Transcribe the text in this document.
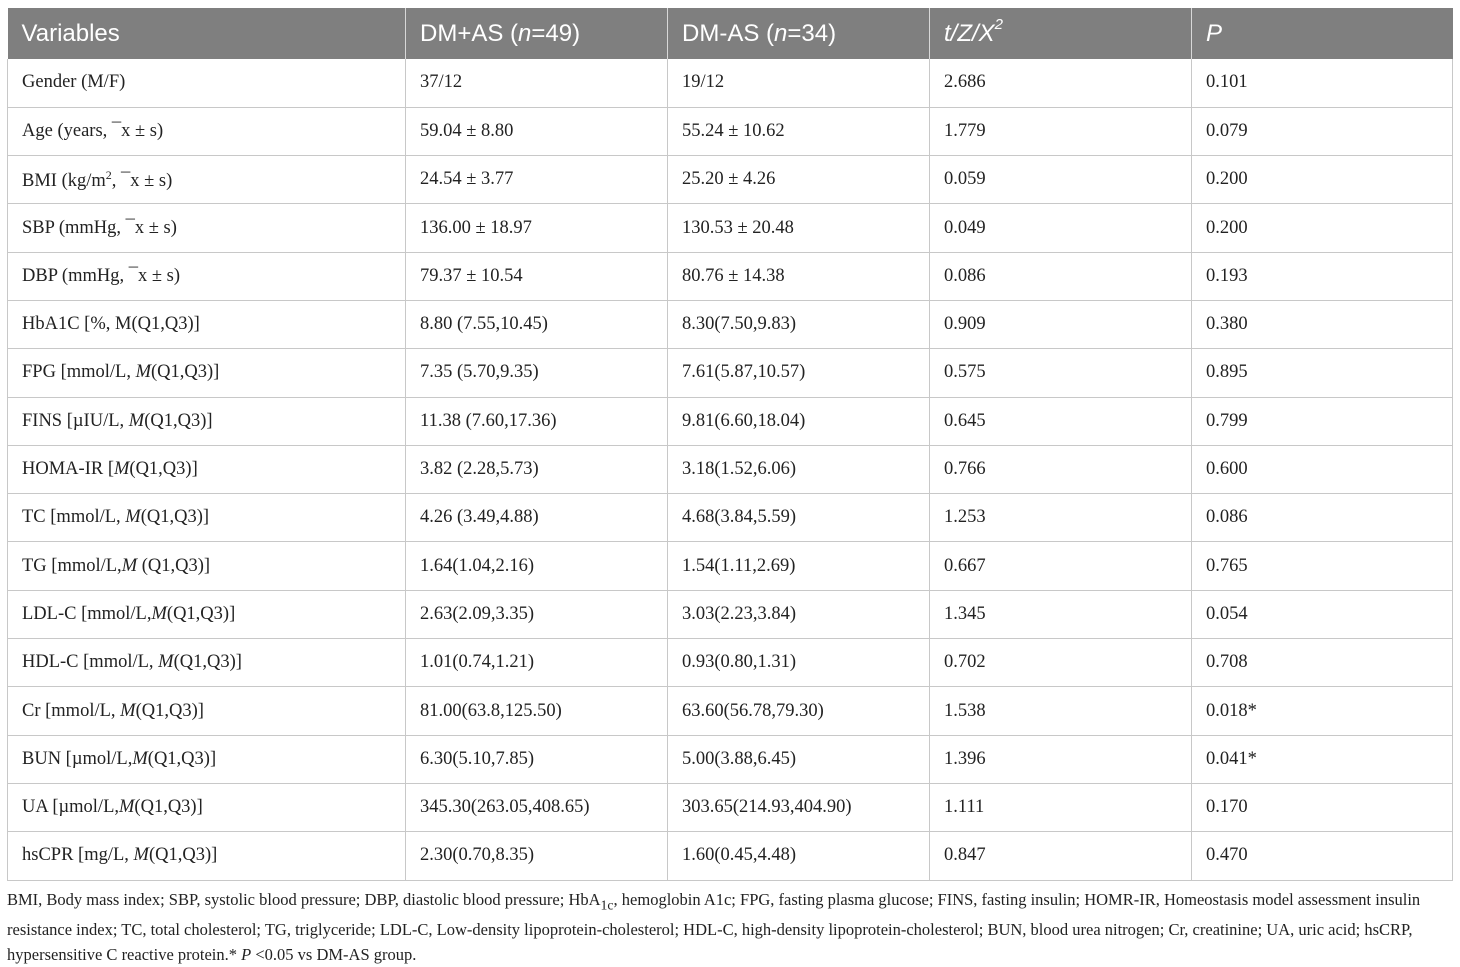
Variables	DM+AS (n=49)	DM-AS (n=34)	$t/Z/X^2$	P
Gender (M/F)	37/12	19/12	2.686	0.101
Age (years, ¯x ± s)	59.04 ± 8.80	55.24 ± 10.62	1.779	0.079
BMI ($kg/m^2$, ¯x ± s)	24.54 ± 3.77	25.20 ± 4.26	0.059	0.200
SBP (mmHg, ¯x ± s)	136.00 ± 18.97	130.53 ± 20.48	0.049	0.200
DBP (mmHg, ¯x ± s)	79.37 ± 10.54	80.76 ± 14.38	0.086	0.193
HbA1C [%, M(Q1,Q3)]	8.80 (7.55,10.45)	8.30(7.50,9.83)	0.909	0.380
FPG [mmol/L, M(Q1,Q3)]	7.35 (5.70,9.35)	7.61(5.87,10.57)	0.575	0.895
FINS [µIU/L, M(Q1,Q3)]	11.38 (7.60,17.36)	9.81(6.60,18.04)	0.645	0.799
HOMA-IR [M(Q1,Q3)]	3.82 (2.28,5.73)	3.18(1.52,6.06)	0.766	0.600
TC [mmol/L, M(Q1,Q3)]	4.26 (3.49,4.88)	4.68(3.84,5.59)	1.253	0.086
TG [mmol/L,M (Q1,Q3)]	1.64(1.04,2.16)	1.54(1.11,2.69)	0.667	0.765
LDL-C [mmol/L,M(Q1,Q3)]	2.63(2.09,3.35)	3.03(2.23,3.84)	1.345	0.054
HDL-C [mmol/L, M(Q1,Q3)]	1.01(0.74,1.21)	0.93(0.80,1.31)	0.702	0.708
Cr [mmol/L, M(Q1,Q3)]	81.00(63.8,125.50)	63.60(56.78,79.30)	1.538	0.018*
BUN [µmol/L,M(Q1,Q3)]	6.30(5.10,7.85)	5.00(3.88,6.45)	1.396	0.041*
UA [µmol/L,M(Q1,Q3)]	345.30(263.05,408.65)	303.65(214.93,404.90)	1.111	0.170
hsCPR [mg/L, M(Q1,Q3)]	2.30(0.70,8.35)	1.60(0.45,4.48)	0.847	0.470
BMI, Body mass index; SBP, systolic blood pressure; DBP, diastolic blood pressure; HbA$_{1c}$, hemoglobin A1c; FPG, fasting plasma glucose; FINS, fasting insulin; HOMR-IR, Homeostasis model assessment insulin resistance index; TC, total cholesterol; TG, triglyceride; LDL-C, Low-density lipoprotein-cholesterol; HDL-C, high-density lipoprotein-cholesterol; BUN, blood urea nitrogen; Cr, creatinine; UA, uric acid; hsCRP, hypersensitive C reactive protein.* P <0.05 vs DM-AS group.
